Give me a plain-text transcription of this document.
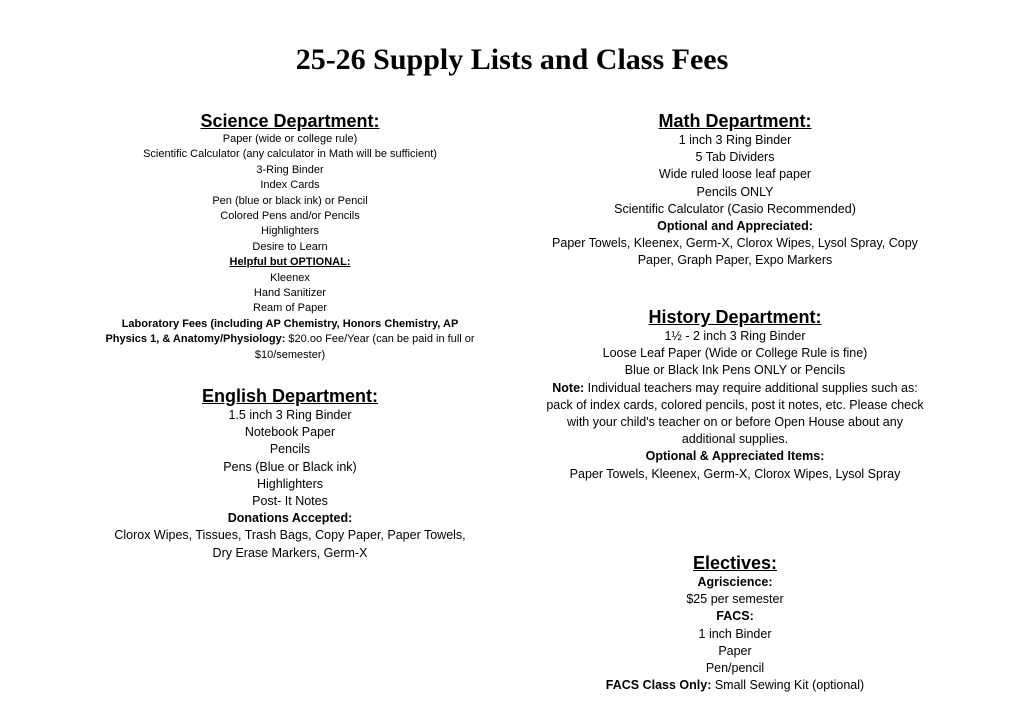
25-26 Supply Lists and Class Fees
Science Department:
Paper (wide or college rule)
Scientific Calculator (any calculator in Math will be sufficient)
3-Ring Binder
Index Cards
Pen (blue or black ink) or Pencil
Colored Pens and/or Pencils
Highlighters
Desire to Learn
Helpful but OPTIONAL:
Kleenex
Hand Sanitizer
Ream of Paper
Laboratory Fees (including AP Chemistry, Honors Chemistry, AP
Physics 1, & Anatomy/Physiology: $20.oo Fee/Year (can be paid in full or
$10/semester)
English Department:
1.5 inch 3 Ring Binder
Notebook Paper
Pencils
Pens (Blue or Black ink)
Highlighters
Post- It Notes
Donations Accepted:
Clorox Wipes, Tissues, Trash Bags, Copy Paper, Paper Towels,
Dry Erase Markers, Germ-X
Math Department:
1 inch 3 Ring Binder
5 Tab Dividers
Wide ruled loose leaf paper
Pencils ONLY
Scientific Calculator (Casio Recommended)
Optional and Appreciated:
Paper Towels, Kleenex, Germ-X, Clorox Wipes, Lysol Spray, Copy
Paper, Graph Paper, Expo Markers
History Department:
1½ - 2 inch 3 Ring Binder
Loose Leaf Paper (Wide or College Rule is fine)
Blue or Black Ink Pens ONLY or Pencils
Note: Individual teachers may require additional supplies such as:
pack of index cards, colored pencils, post it notes, etc. Please check
with your child's teacher on or before Open House about any
additional supplies.
Optional & Appreciated Items:
Paper Towels, Kleenex, Germ-X, Clorox Wipes, Lysol Spray
Electives:
Agriscience:
$25 per semester
FACS:
1 inch Binder
Paper
Pen/pencil
FACS Class Only: Small Sewing Kit (optional)
